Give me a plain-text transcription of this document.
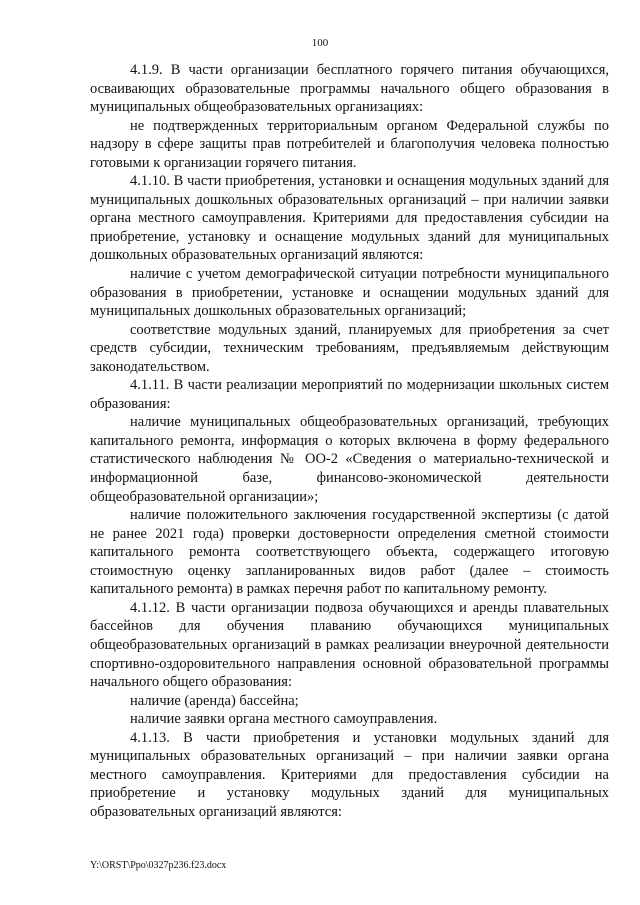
100

4.1.9. В части организации бесплатного горячего питания обучающихся, осваивающих образовательные программы начального общего образования в муниципальных общеобразовательных организациях:

не подтвержденных территориальным органом Федеральной службы по надзору в сфере защиты прав потребителей и благополучия человека полностью готовыми к организации горячего питания.

4.1.10. В части приобретения, установки и оснащения модульных зданий для муниципальных дошкольных образовательных организаций – при наличии заявки органа местного самоуправления. Критериями для предоставления субсидии на приобретение, установку и оснащение модульных зданий для муниципальных дошкольных образовательных организаций являются:

наличие с учетом демографической ситуации потребности муниципального образования в приобретении, установке и оснащении модульных зданий для муниципальных дошкольных образовательных организаций;

соответствие модульных зданий, планируемых для приобретения за счет средств субсидии, техническим требованиям, предъявляемым действующим законодательством.

4.1.11. В части реализации мероприятий по модернизации школьных систем образования:

наличие муниципальных общеобразовательных организаций, требующих капитального ремонта, информация о которых включена в форму федерального статистического наблюдения № ОО-2 «Сведения о материально-технической и информационной базе, финансово-экономической деятельности общеобразовательной организации»;

наличие положительного заключения государственной экспертизы (с датой не ранее 2021 года) проверки достоверности определения сметной стоимости капитального ремонта соответствующего объекта, содержащего итоговую стоимостную оценку запланированных видов работ (далее – стоимость капитального ремонта) в рамках перечня работ по капитальному ремонту.

4.1.12. В части организации подвоза обучающихся и аренды плавательных бассейнов для обучения плаванию обучающихся муниципальных общеобразовательных организаций в рамках реализации внеурочной деятельности спортивно-оздоровительного направления основной образовательной программы начального общего образования:

наличие (аренда) бассейна;

наличие заявки органа местного самоуправления.

4.1.13. В части приобретения и установки модульных зданий для муниципальных образовательных организаций – при наличии заявки органа местного самоуправления. Критериями для предоставления субсидии на приобретение и установку модульных зданий для муниципальных образовательных организаций являются:

Y:\ORST\Ppo\0327p236.f23.docx
